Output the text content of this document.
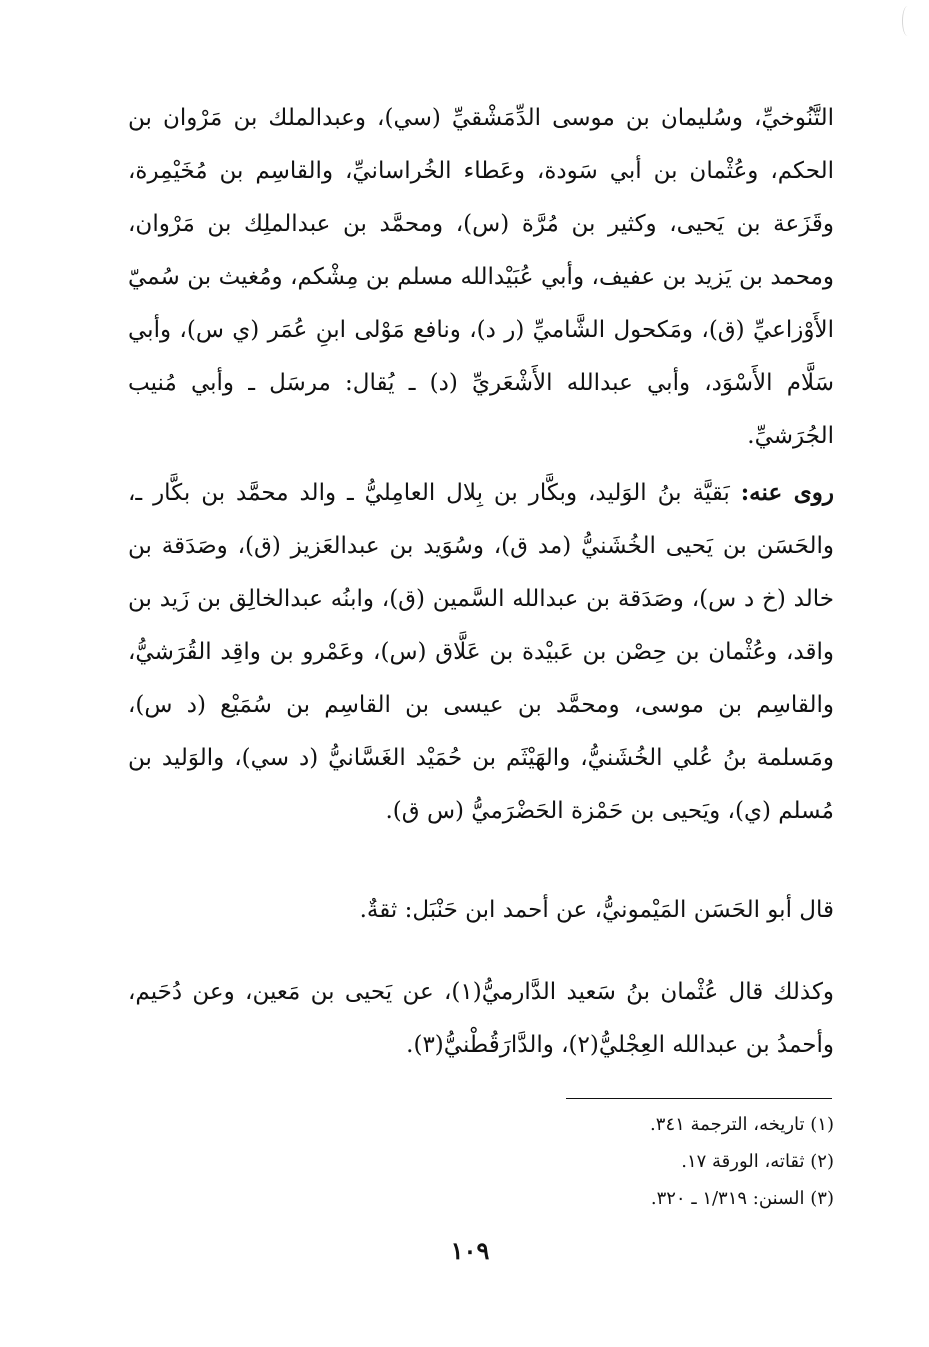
التَّنُوخيِّ، وسُليمان بن موسى الدِّمَشْقيِّ (سي)، وعبدالملك بن مَرْوان بن الحكم، وعُثْمان بن أبي سَودة، وعَطاء الخُراسانيِّ، والقاسِم بن مُخَيْمِرة، وقَزَعة بن يَحيى، وكثير بن مُرَّة (س)، ومحمَّد بن عبدالملِك بن مَرْوان، ومحمد بن يَزيد بن عفيف، وأبي عُبَيْدالله مسلم بن مِشْكم، ومُغيث بن سُميّ الأَوْزاعيِّ (ق)، ومَكحول الشَّاميِّ (ر د)، ونافع مَوْلى ابنِ عُمَر (ي س)، وأبي سَلَّام الأَسْوَد، وأبي عبدالله الأَشْعَريِّ (د) ـ يُقال: مرسَل ـ وأبي مُنيب الجُرَشيِّ.

روى عنه: بَقيَّة بنُ الوَليد، وبكَّار بن بِلال العامِليُّ ـ والد محمَّد بن بكَّار ـ، والحَسَن بن يَحيى الخُشَنيُّ (مد ق)، وسُوَيد بن عبدالعَزيز (ق)، وصَدَقة بن خالد (خ د س)، وصَدَقة بن عبدالله السَّمين (ق)، وابنُه عبدالخالِق بن زَيد بن واقد، وعُثْمان بن حِصْن بن عَبيْدة بن عَلَّاق (س)، وعَمْرو بن واقِد القُرَشيُّ، والقاسِم بن موسى، ومحمَّد بن عيسى بن القاسِم بن سُمَيْع (د س)، ومَسلمة بنُ عُلي الخُشَنيُّ، والهَيْثَم بن حُمَيْد الغَسَّانيُّ (د سي)، والوَليد بن مُسلم (ي)، ويَحيى بن حَمْزة الحَضْرَميُّ (س ق).

قال أبو الحَسَن المَيْمونيُّ، عن أحمد ابن حَنْبَل: ثقةٌ.

وكذلك قال عُثْمان بنُ سَعيد الدَّارميُّ(١)، عن يَحيى بن مَعين، وعن دُحَيم، وأحمدُ بن عبدالله العِجْليُّ(٢)، والدَّارَقُطْنيُّ(٣).

(١) تاريخه، الترجمة ٣٤١.
(٢) ثقاته، الورقة ١٧.
(٣) السنن: ١/٣١٩ ـ ٣٢٠.
١٠٩
